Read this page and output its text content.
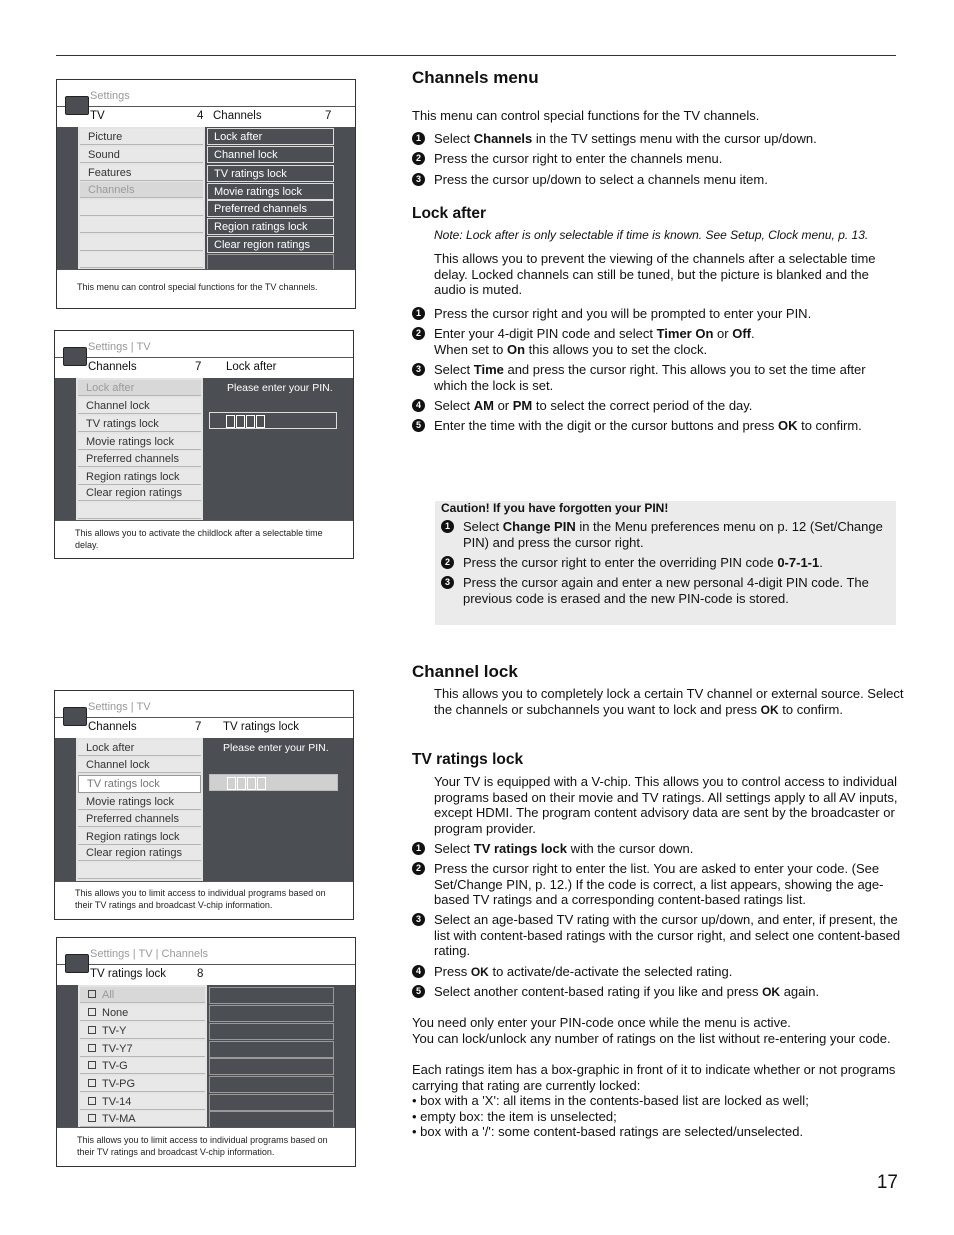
Settings
TV	4 Channels	7
Picture
Sound
Features
Channels
Lock after
Channel lock
TV ratings lock
Movie ratings lock
Preferred channels
Region ratings lock
Clear region ratings
This menu can control special functions for the TV channels.
Settings | TV
Channels	7 Lock after
Lock after
Channel lock
TV ratings lock
Movie ratings lock
Preferred channels
Region ratings lock
Clear region ratings
Please enter your PIN.
This allows you to activate the childlock after a selectable time delay.
Settings | TV
Channels	7 TV ratings lock
Lock after
Channel lock
TV ratings lock
Movie ratings lock
Preferred channels
Region ratings lock
Clear region ratings
Please enter your PIN.
This allows you to limit access to individual programs based on their TV ratings and broadcast V-chip information.
Settings | TV | Channels
TV ratings lock	8
All
None
TV-Y
TV-Y7
TV-G
TV-PG
TV-14
TV-MA
This allows you to limit access to individual programs based on their TV ratings and broadcast V-chip information.
Channels menu
This menu can control special functions for the TV channels.
1	Select Channels in the TV settings menu with the cursor up/down.
2	Press the cursor right to enter the channels menu.
3	Press the cursor up/down to select a channels menu item.
Lock after
Note: Lock after is only selectable if time is known. See Setup, Clock menu, p. 13.
This allows you to prevent the viewing of the channels after a selectable time delay. Locked channels can still be tuned, but the picture is blanked and the audio is muted.
1	Press the cursor right and you will be prompted to enter your PIN.
2	Enter your 4-digit PIN code and select Timer On or Off.
When set to On this allows you to set the clock.
3	Select Time and press the cursor right. This allows you to set the time after which the lock is set.
4	Select AM or PM to select the correct period of the day.
5	Enter the time with the digit or the cursor buttons and press OK to confirm.
Caution! If you have forgotten your PIN!
1	Select Change PIN in the Menu preferences menu on p. 12 (Set/Change PIN) and press the cursor right.
2	Press the cursor right to enter the overriding PIN code 0-7-1-1.
3	Press the cursor again and enter a new personal 4-digit PIN code. The previous code is erased and the new PIN-code is stored.
Channel lock
This allows you to completely lock a certain TV channel or external source. Select the channels or subchannels you want to lock and press OK to confirm.
TV ratings lock
Your TV is equipped with a V-chip. This allows you to control access to individual programs based on their movie and TV ratings. All settings apply to all AV inputs, except HDMI. The program content advisory data are sent by the broadcaster or program provider.
1	Select TV ratings lock with the cursor down.
2	Press the cursor right to enter the list. You are asked to enter your code. (See Set/Change PIN, p. 12.) If the code is correct, a list appears, showing the age-based TV ratings and a corresponding content-based ratings list.
3	Select an age-based TV rating with the cursor up/down, and enter, if present, the list with content-based ratings with the cursor right, and select one content-based rating.
4	Press OK to activate/de-activate the selected rating.
5	Select another content-based rating if you like and press OK again.

You need only enter your PIN-code once while the menu is active.

You can lock/unlock any number of ratings on the list without re-entering your code.

Each ratings item has a box-graphic in front of it to indicate whether or not programs carrying that rating are currently locked:

• box with a 'X': all items in the contents-based list are locked as well;

• empty box: the item is unselected;

• box with a '/': some content-based ratings are selected/unselected.

17
